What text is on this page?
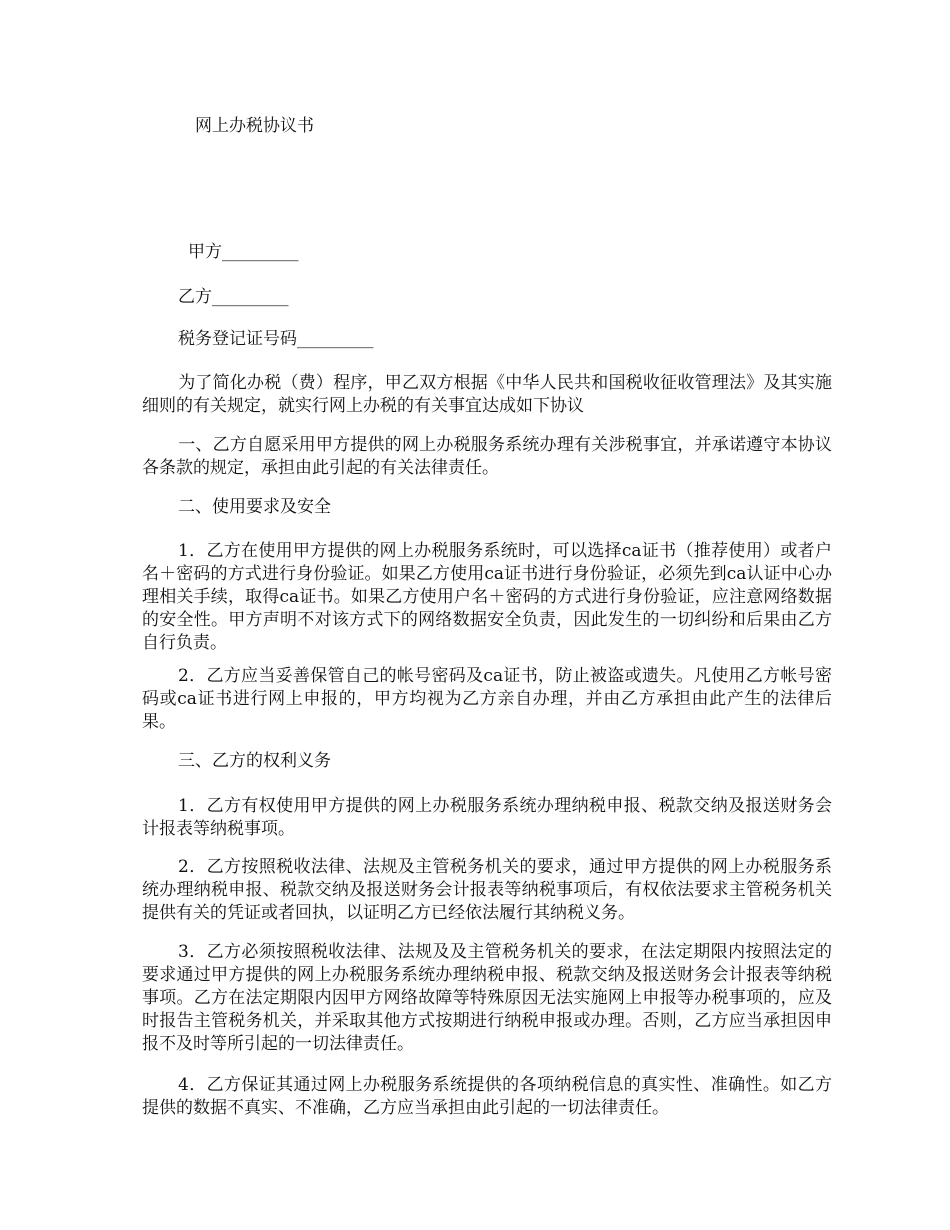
网上办税协议书
甲方_________
乙方_________
税务登记证号码_________
为了简化办税（费）程序，甲乙双方根据《中华人民共和国税收征收管理法》及其实施细则的有关规定，就实行网上办税的有关事宜达成如下协议
一、乙方自愿采用甲方提供的网上办税服务系统办理有关涉税事宜，并承诺遵守本协议各条款的规定，承担由此引起的有关法律责任。
二、使用要求及安全
1．乙方在使用甲方提供的网上办税服务系统时，可以选择ca证书（推荐使用）或者户名＋密码的方式进行身份验证。如果乙方使用ca证书进行身份验证，必须先到ca认证中心办理相关手续，取得ca证书。如果乙方使用户名＋密码的方式进行身份验证，应注意网络数据的安全性。甲方声明不对该方式下的网络数据安全负责，因此发生的一切纠纷和后果由乙方自行负责。
2．乙方应当妥善保管自己的帐号密码及ca证书，防止被盗或遗失。凡使用乙方帐号密码或ca证书进行网上申报的，甲方均视为乙方亲自办理，并由乙方承担由此产生的法律后果。
三、乙方的权利义务
1．乙方有权使用甲方提供的网上办税服务系统办理纳税申报、税款交纳及报送财务会计报表等纳税事项。
2．乙方按照税收法律、法规及主管税务机关的要求，通过甲方提供的网上办税服务系统办理纳税申报、税款交纳及报送财务会计报表等纳税事项后，有权依法要求主管税务机关提供有关的凭证或者回执，以证明乙方已经依法履行其纳税义务。
3．乙方必须按照税收法律、法规及及主管税务机关的要求，在法定期限内按照法定的要求通过甲方提供的网上办税服务系统办理纳税申报、税款交纳及报送财务会计报表等纳税事项。乙方在法定期限内因甲方网络故障等特殊原因无法实施网上申报等办税事项的，应及时报告主管税务机关，并采取其他方式按期进行纳税申报或办理。否则，乙方应当承担因申报不及时等所引起的一切法律责任。
4．乙方保证其通过网上办税服务系统提供的各项纳税信息的真实性、准确性。如乙方提供的数据不真实、不准确，乙方应当承担由此引起的一切法律责任。
